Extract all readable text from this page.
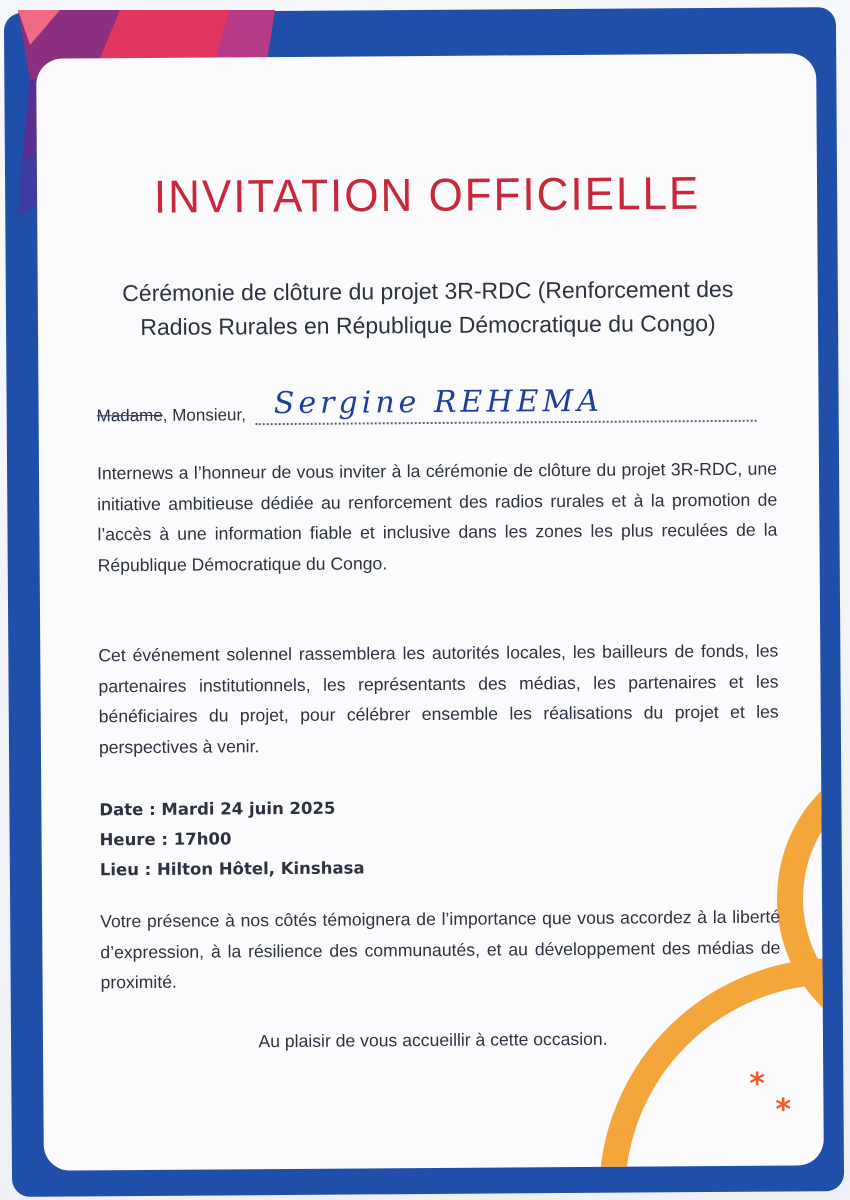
INVITATION OFFICIELLE
Cérémonie de clôture du projet 3R-RDC (Renforcement des
Radios Rurales en République Démocratique du Congo)
Madame , Monsieur, Sergine REHEMA
Internews a l’honneur de vous inviter à la cérémonie de clôture du projet 3R-RDC, une initiative ambitieuse dédiée au renforcement des radios rurales et à la promotion de l’accès à une information fiable et inclusive dans les zones les plus reculées de la République Démocratique du Congo.
Cet événement solennel rassemblera les autorités locales, les bailleurs de fonds, les partenaires institutionnels, les représentants des médias, les partenaires et les bénéficiaires du projet, pour célébrer ensemble les réalisations du projet et les perspectives à venir.
Date : Mardi 24 juin 2025
Heure : 17h00
Lieu : Hilton Hôtel, Kinshasa
Votre présence à nos côtés témoignera de l’importance que vous accordez à la liberté d’expression, à la résilience des communautés, et au développement des médias de proximité.
Au plaisir de vous accueillir à cette occasion.
*
*
